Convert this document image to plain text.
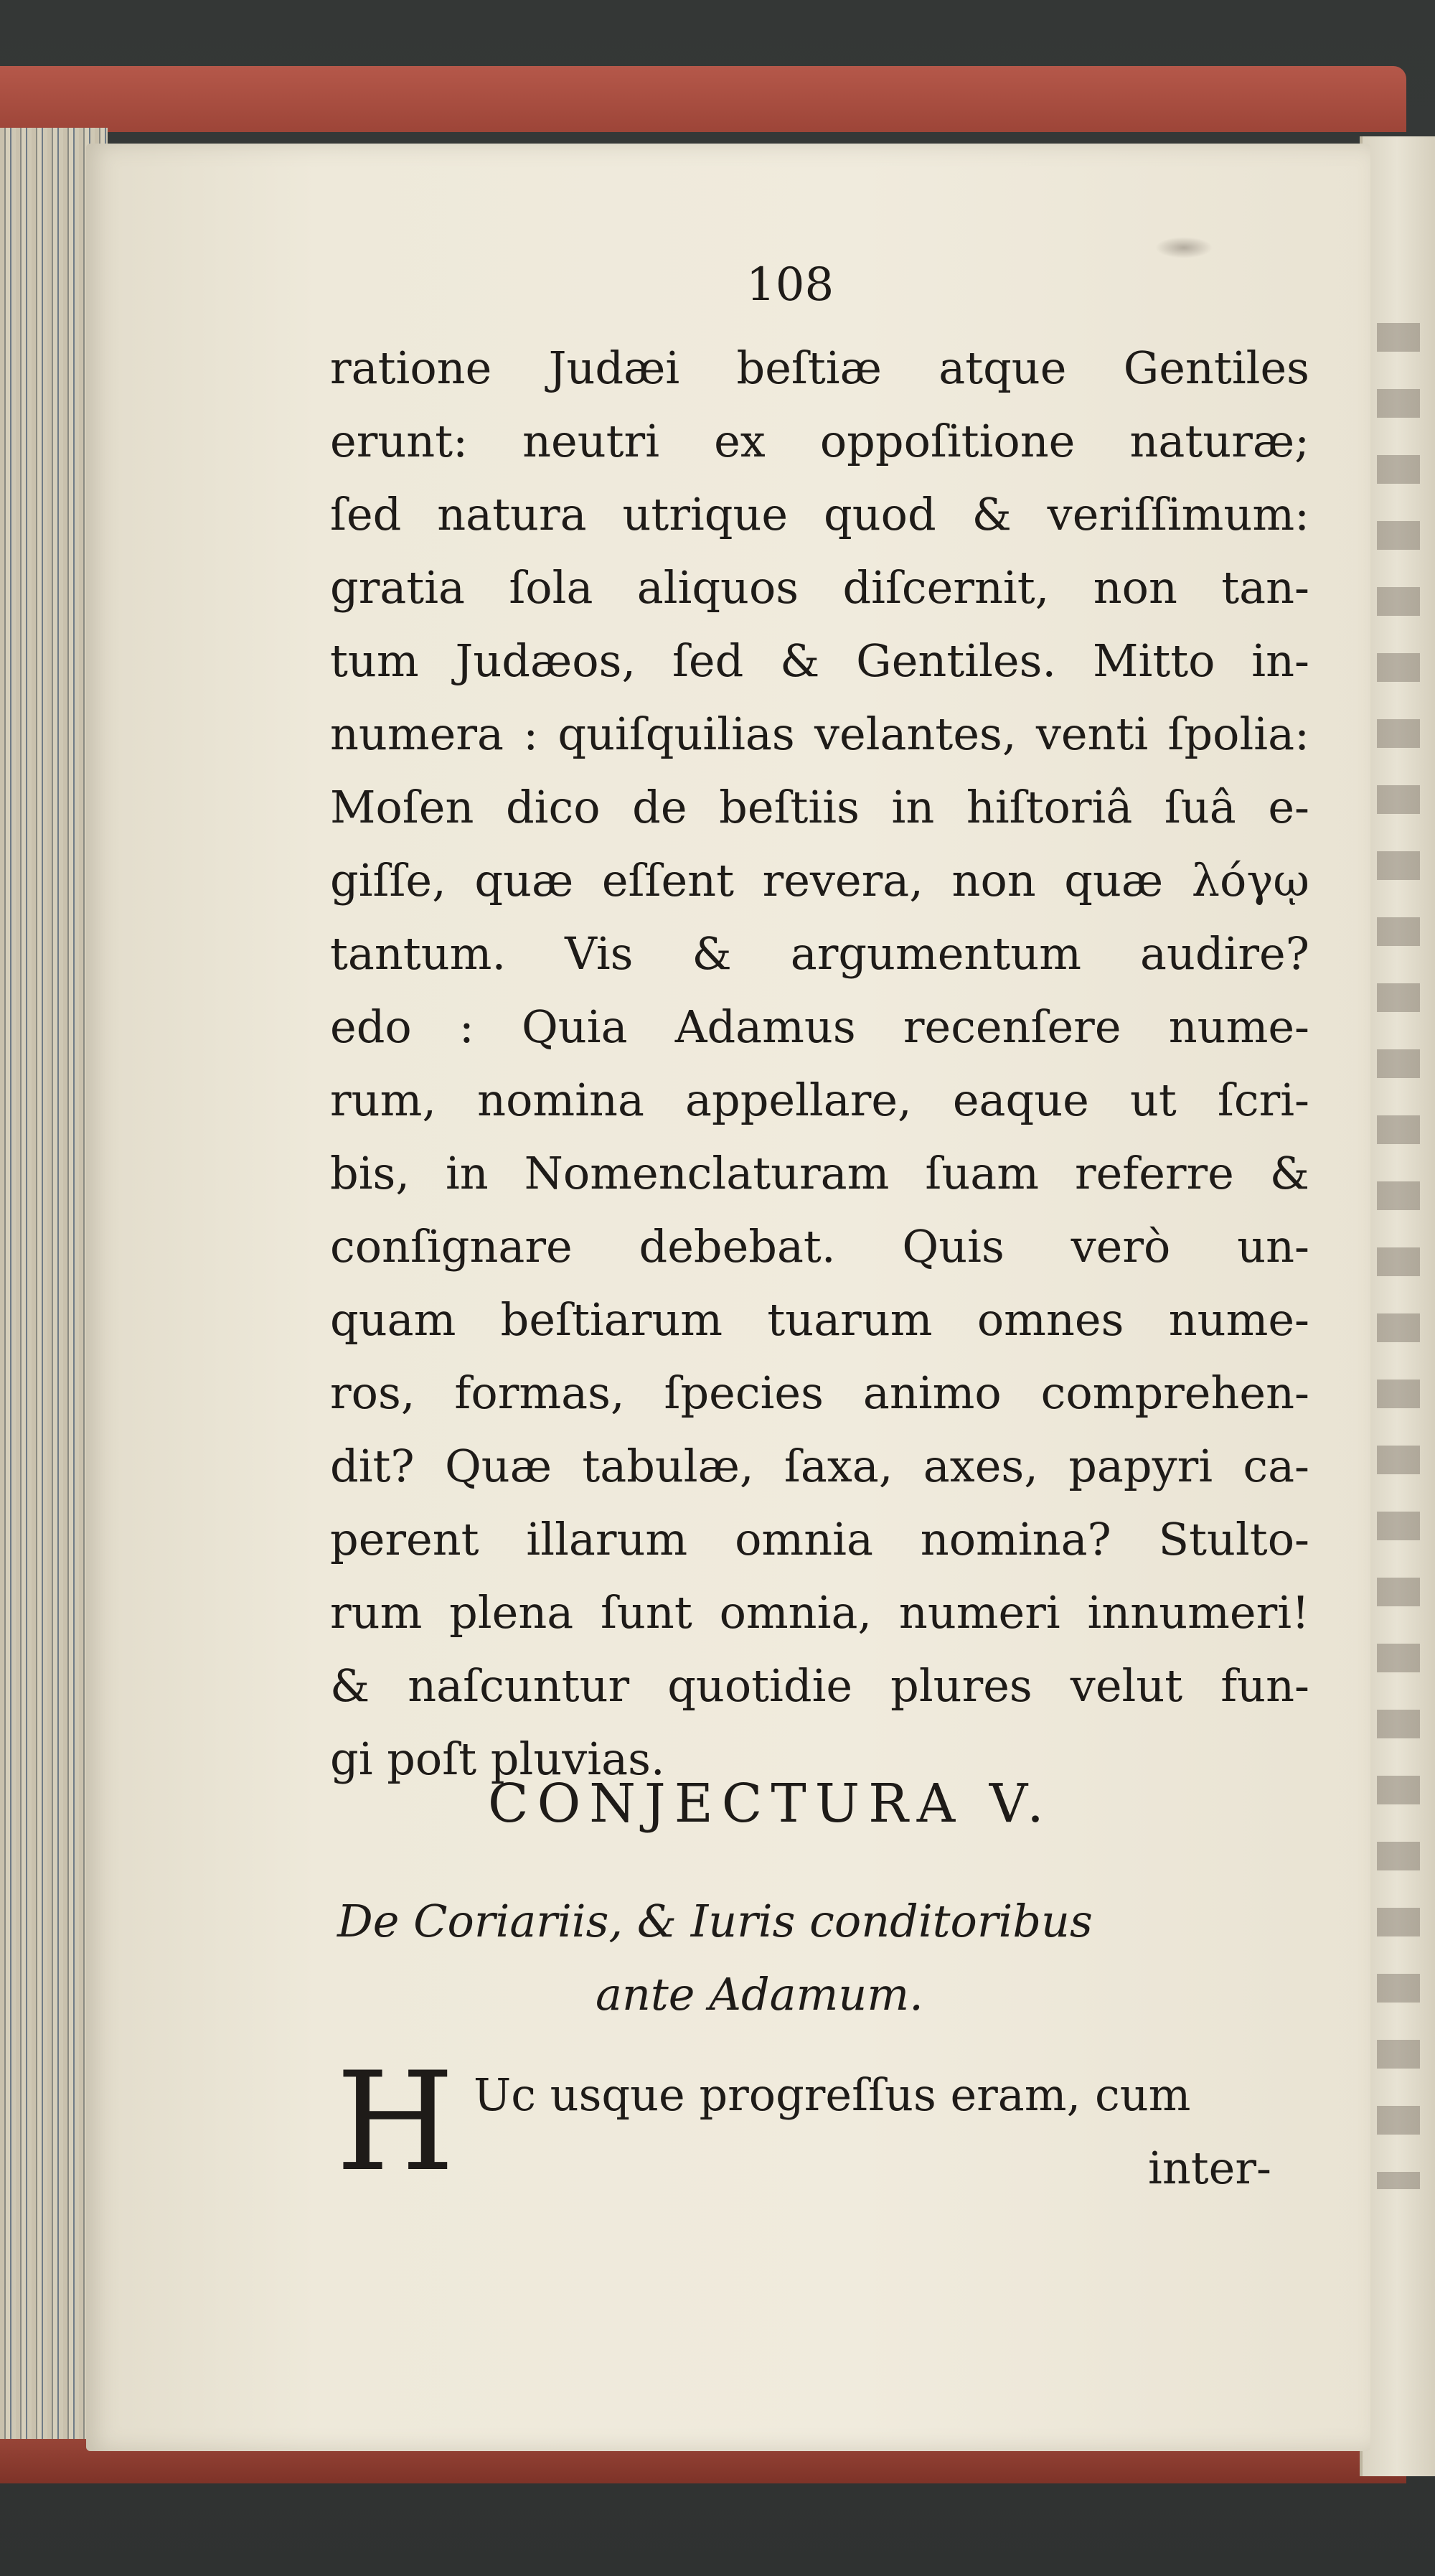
108
ratione Judæi beſtiæ atque Gentiles
erunt: neutri ex oppoſitione naturæ;
ſed natura utrique quod & veriſſimum:
gratia ſola aliquos diſcernit, non tan-
tum Judæos, ſed & Gentiles. Mitto in-
numera : quiſquilias velantes, venti ſpolia:
Moſen dico de beſtiis in hiſtoriâ ſuâ e-
giſſe, quæ eſſent revera, non quæ λόγῳ
tantum. Vis & argumentum audire?
edo : Quia Adamus recenſere nume-
rum, nomina appellare, eaque ut ſcri-
bis, in Nomenclaturam ſuam referre &
conſignare debebat. Quis verò un-
quam beſtiarum tuarum omnes nume-
ros, formas, ſpecies animo comprehen-
dit? Quæ tabulæ, ſaxa, axes, papyri ca-
perent illarum omnia nomina? Stulto-
rum plena ſunt omnia, numeri innumeri!
& naſcuntur quotidie plures velut fun-
gi poſt pluvias.
CONJECTURA V.
De Coriariis, & Iuris conditoribus
ante Adamum.
H Uc usque progreſſus eram, cum
inter-
